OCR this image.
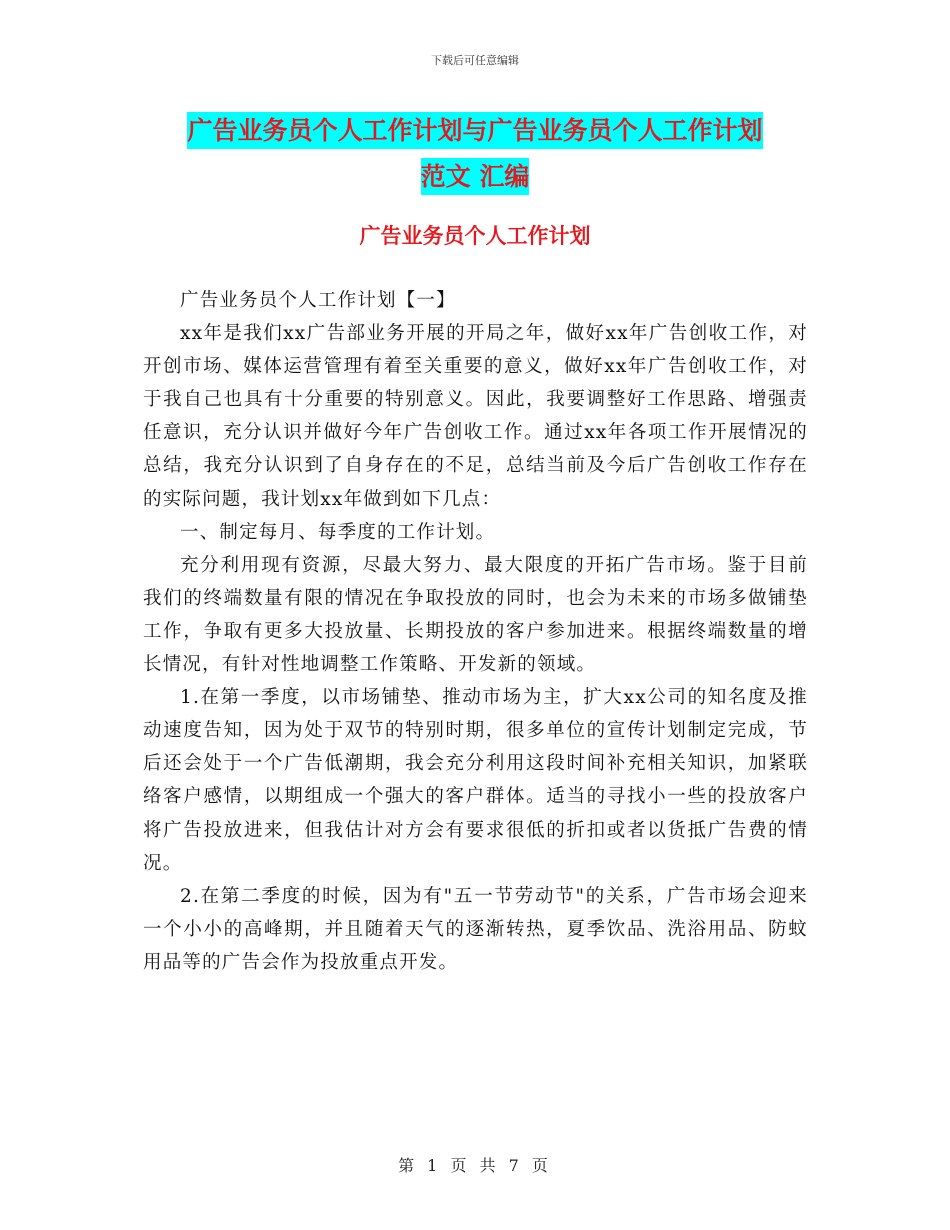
下载后可任意编辑
广告业务员个人工作计划与广告业务员个人工作计划
范文 汇编
广告业务员个人工作计划

广告业务员个人工作计划【一】

xx年是我们xx广告部业务开展的开局之年，做好xx年广告创收工作，对开创市场、媒体运营管理有着至关重要的意义，做好xx年广告创收工作，对于我自己也具有十分重要的特别意义。因此，我要调整好工作思路、增强责任意识，充分认识并做好今年广告创收工作。通过xx年各项工作开展情况的总结，我充分认识到了自身存在的不足，总结当前及今后广告创收工作存在的实际问题，我计划xx年做到如下几点：

一、制定每月、每季度的工作计划。

充分利用现有资源，尽最大努力、最大限度的开拓广告市场。鉴于目前我们的终端数量有限的情况在争取投放的同时，也会为未来的市场多做铺垫工作，争取有更多大投放量、长期投放的客户参加进来。根据终端数量的增长情况，有针对性地调整工作策略、开发新的领域。

1.在第一季度，以市场铺垫、推动市场为主，扩大xx公司的知名度及推动速度告知，因为处于双节的特别时期，很多单位的宣传计划制定完成，节后还会处于一个广告低潮期，我会充分利用这段时间补充相关知识，加紧联络客户感情，以期组成一个强大的客户群体。适当的寻找小一些的投放客户将广告投放进来，但我估计对方会有要求很低的折扣或者以货抵广告费的情况。

2.在第二季度的时候，因为有"五一节劳动节"的关系，广告市场会迎来一个小小的高峰期，并且随着天气的逐渐转热，夏季饮品、洗浴用品、防蚊用品等的广告会作为投放重点开发。

第 1 页 共 7 页
